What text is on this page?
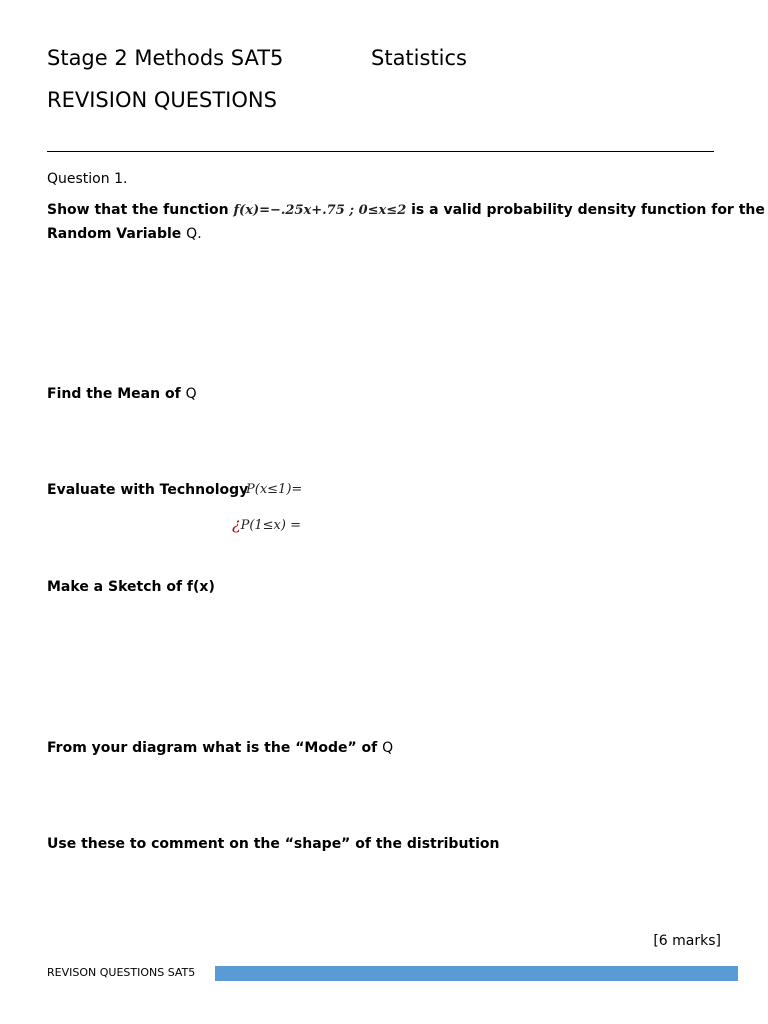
Stage 2 Methods SAT5	Statistics
REVISION QUESTIONS
Question 1.
Show that the function f(x)=−.25x+.75 ; 0≤x≤2 is a valid probability density function for the
Random Variable Q.
Find the Mean of Q
Evaluate with Technology
P(x≤1)=
¿P(1≤x) =
Make a Sketch of f(x)
From your diagram what is the “Mode” of Q
Use these to comment on the “shape” of the distribution
[6 marks]
REVISON QUESTIONS SAT5
